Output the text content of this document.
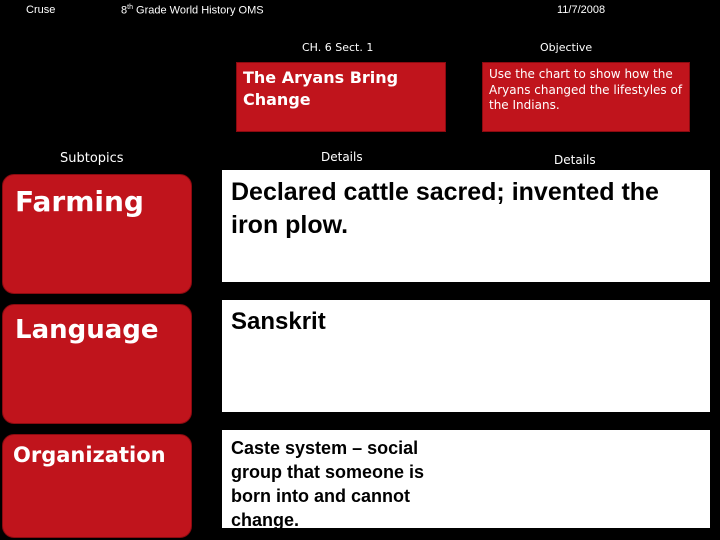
Cruse	8th Grade World History OMS	11/7/2008
CH. 6 Sect. 1	Objective
The Aryans Bring Change
Use the chart to show how the Aryans changed the lifestyles of the Indians.
Subtopics	Details	Details
Farming	Declared cattle sacred; invented the iron plow.
Language	Sanskrit
Organization	Caste system – social group that someone is born into and cannot change.
